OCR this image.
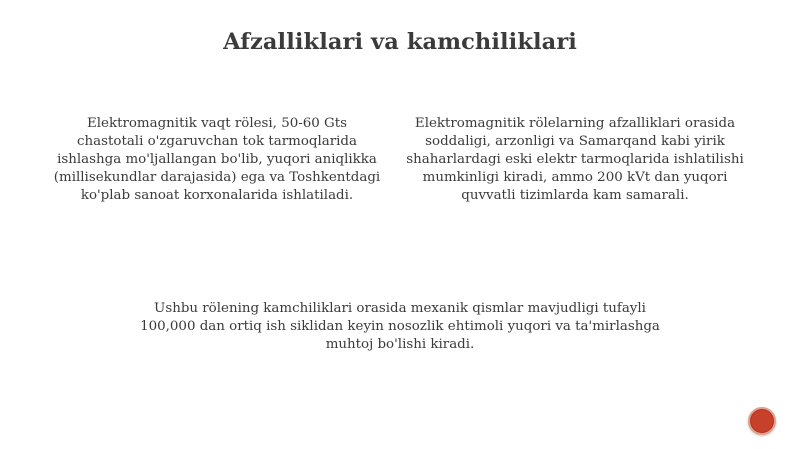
Afzalliklari va kamchiliklari

Elektromagnitik vaqt rölesi, 50-60 Gts chastotali o'zgaruvchan tok tarmoqlarida ishlashga mo'ljallangan bo'lib, yuqori aniqlikka (millisekundlar darajasida) ega va Toshkentdagi ko'plab sanoat korxonalarida ishlatiladi.

Elektromagnitik rölelarning afzalliklari orasida soddaligi, arzonligi va Samarqand kabi yirik shaharlardagi eski elektr tarmoqlarida ishlatilishi mumkinligi kiradi, ammo 200 kVt dan yuqori quvvatli tizimlarda kam samarali.

Ushbu rölening kamchiliklari orasida mexanik qismlar mavjudligi tufayli 100,000 dan ortiq ish siklidan keyin nosozlik ehtimoli yuqori va ta'mirlashga muhtoj bo'lishi kiradi.
